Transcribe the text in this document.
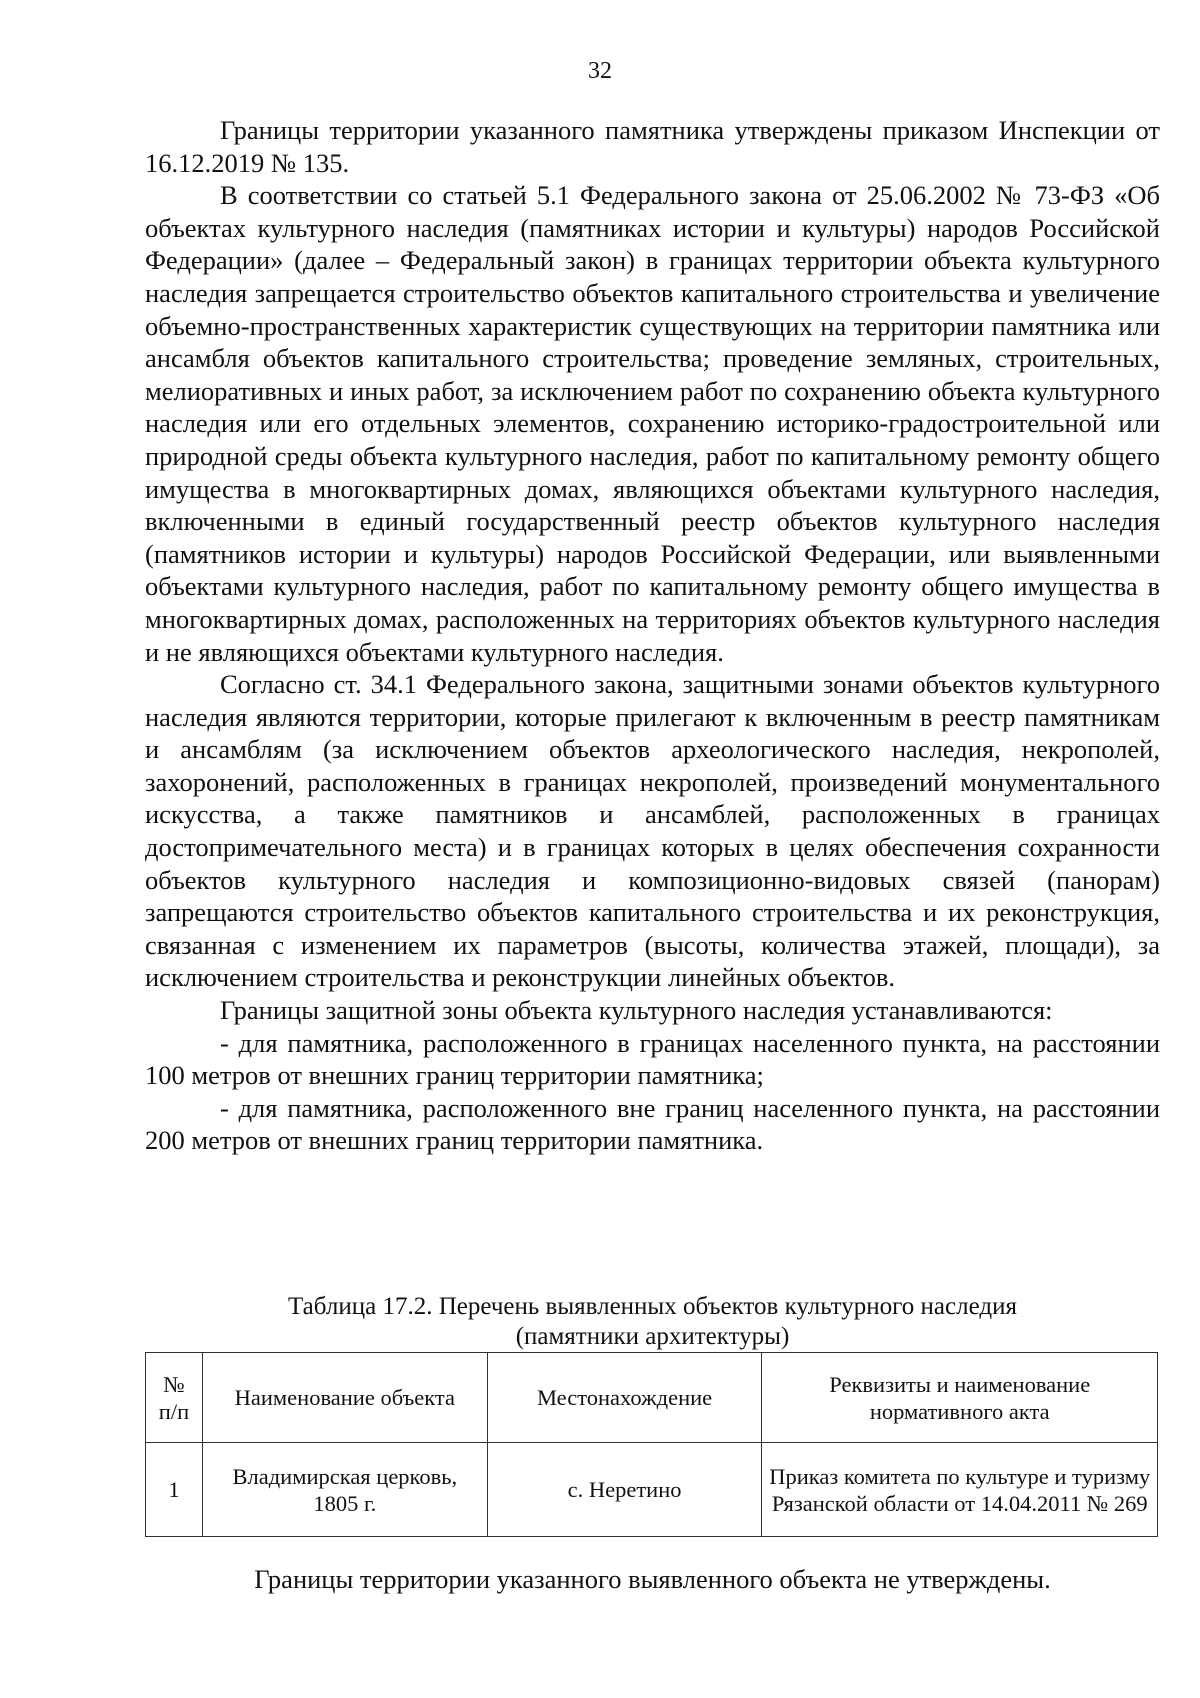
32

Границы территории указанного памятника утверждены приказом Инспекции от 16.12.2019 № 135.

В соответствии со статьей 5.1 Федерального закона от 25.06.2002 № 73-ФЗ «Об объектах культурного наследия (памятниках истории и культуры) народов Российской Федерации» (далее – Федеральный закон) в границах территории объекта культурного наследия запрещается строительство объектов капитального строительства и увеличение объемно-пространственных характеристик существующих на территории памятника или ансамбля объектов капитального строительства; проведение земляных, строительных, мелиоративных и иных работ, за исключением работ по сохранению объекта культурного наследия или его отдельных элементов, сохранению историко-градостроительной или природной среды объекта культурного наследия, работ по капитальному ремонту общего имущества в многоквартирных домах, являющихся объектами культурного наследия, включенными в единый государственный реестр объектов культурного наследия (памятников истории и культуры) народов Российской Федерации, или выявленными объектами культурного наследия, работ по капитальному ремонту общего имущества в многоквартирных домах, расположенных на территориях объектов культурного наследия и не являющихся объектами культурного наследия.

Согласно ст. 34.1 Федерального закона, защитными зонами объектов культурного наследия являются территории, которые прилегают к включенным в реестр памятникам и ансамблям (за исключением объектов археологического наследия, некрополей, захоронений, расположенных в границах некрополей, произведений монументального искусства, а также памятников и ансамблей, расположенных в границах достопримечательного места) и в границах которых в целях обеспечения сохранности объектов культурного наследия и композиционно-видовых связей (панорам) запрещаются строительство объектов капитального строительства и их реконструкция, связанная с изменением их параметров (высоты, количества этажей, площади), за исключением строительства и реконструкции линейных объектов.

Границы защитной зоны объекта культурного наследия устанавливаются:

- для памятника, расположенного в границах населенного пункта, на расстоянии 100 метров от внешних границ территории памятника;

- для памятника, расположенного вне границ населенного пункта, на расстоянии 200 метров от внешних границ территории памятника.

Таблица 17.2. Перечень выявленных объектов культурного наследия
(памятники архитектуры)
№ п/п	Наименование объекта	Местонахождение	Реквизиты и наименование нормативного акта
1	Владимирская церковь, 1805 г.	с. Неретино	Приказ комитета по культуре и туризму Рязанской области от 14.04.2011 № 269
Границы территории указанного выявленного объекта не утверждены.
